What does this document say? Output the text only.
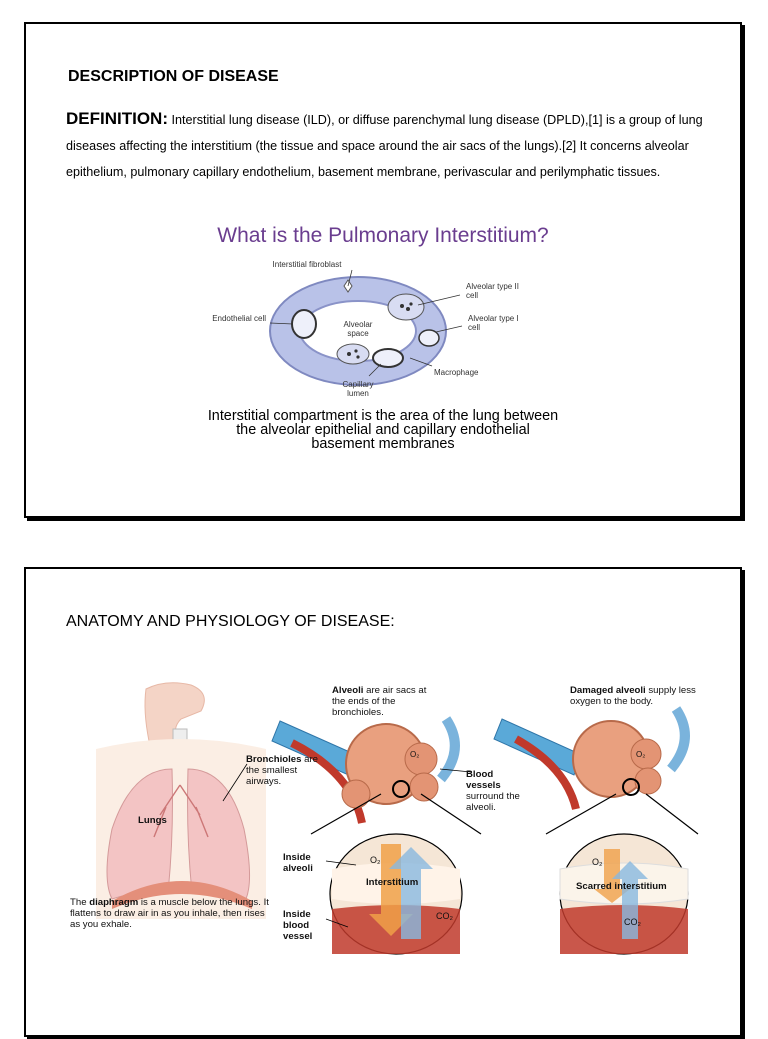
DESCRIPTION OF DISEASE
DEFINITION: Interstitial lung disease (ILD), or diffuse parenchymal lung disease (DPLD),[1] is a group of lung diseases affecting the interstitium (the tissue and space around the air sacs of the lungs).[2] It concerns alveolar epithelium, pulmonary capillary endothelium, basement membrane, perivascular and perilymphatic tissues.
What is the Pulmonary Interstitium?
Interstitial fibroblast
Alveolar type II cell
Endothelial cell
Alveolar space
Alveolar type I cell
Macrophage
Capillary lumen
Interstitial compartment is the area of the lung between
the alveolar epithelial and capillary endothelial
basement membranes
ANATOMY AND PHYSIOLOGY OF DISEASE:
Alveoli are air sacs at the ends of the bronchioles.
Damaged alveoli supply less oxygen to the body.
Bronchioles are the smallest airways.
Lungs
Blood vessels surround the alveoli.
Inside alveoli
Inside blood vessel
Interstitium	Scarred interstitium
CO₂
O₂
CO₂
O₂
O₂
CO₂
O₂
CO₂
The diaphragm is a muscle below the lungs. It flattens to draw air in as you inhale, then rises as you exhale.
